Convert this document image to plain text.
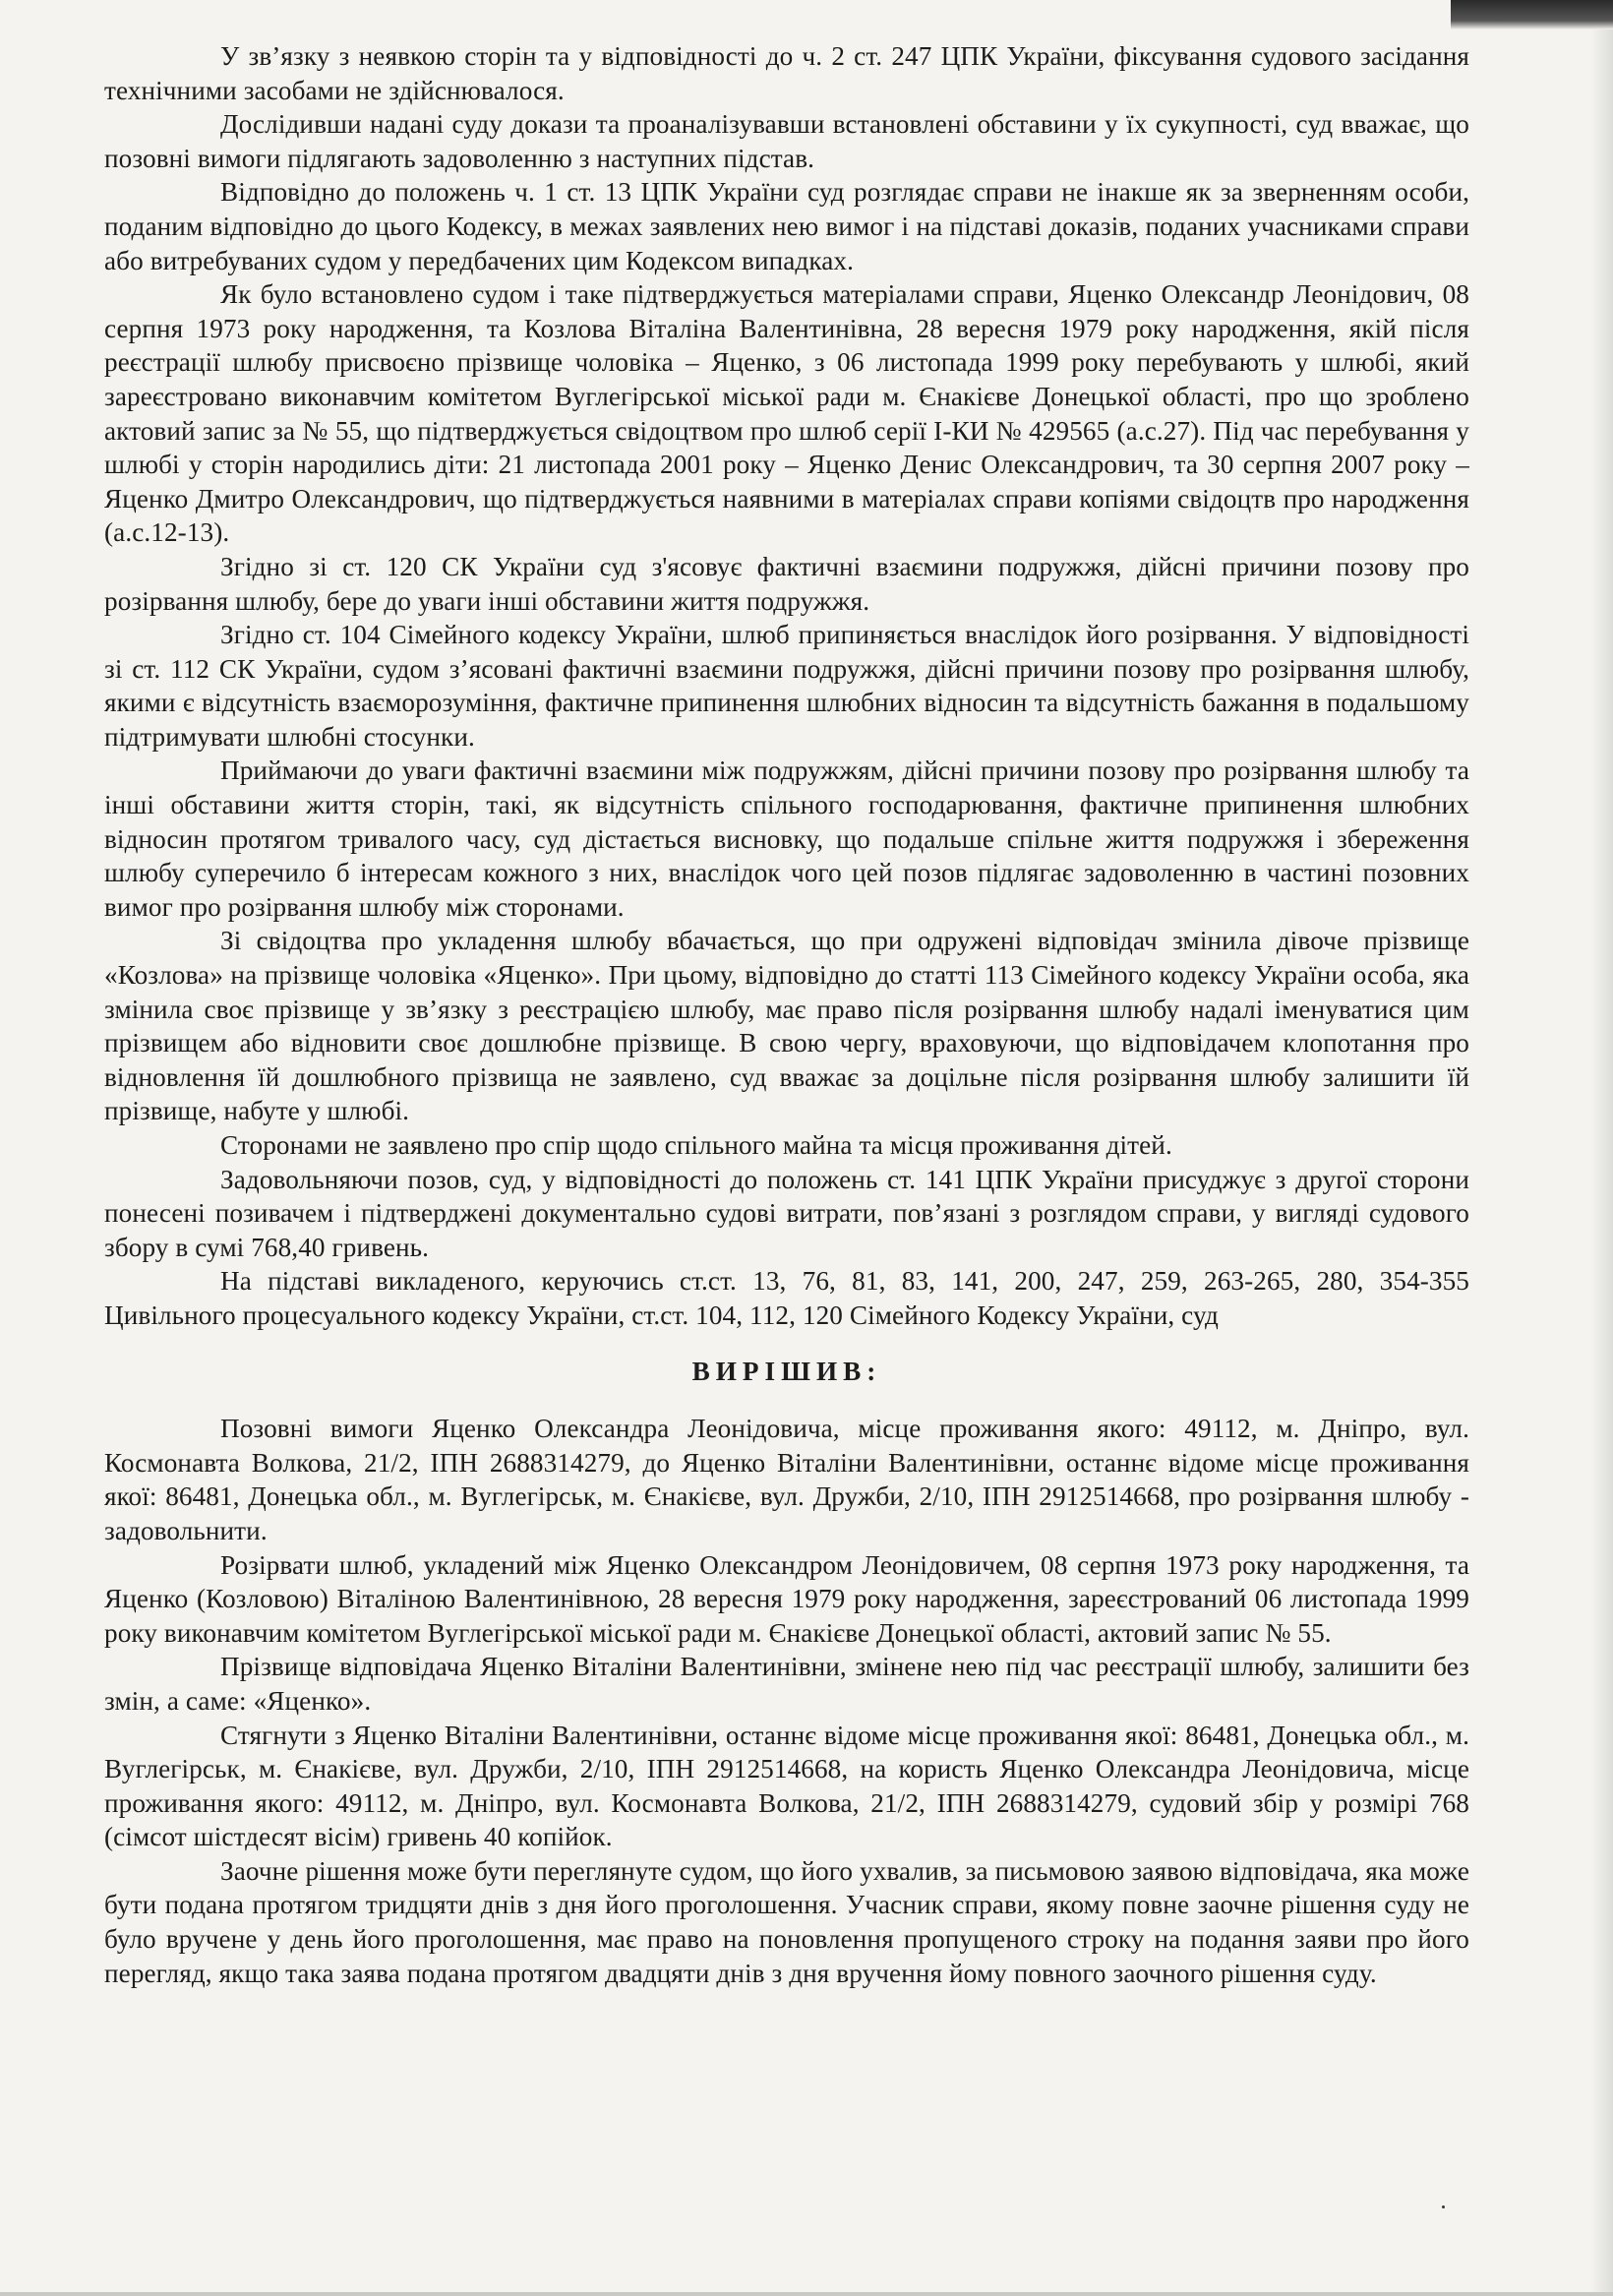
У зв’язку з неявкою сторін та у відповідності до ч. 2 ст. 247 ЦПК України, фіксування судового засідання технічними засобами не здійснювалося.

Дослідивши надані суду докази та проаналізувавши встановлені обставини у їх сукупності, суд вважає, що позовні вимоги підлягають задоволенню з наступних підстав.

Відповідно до положень ч. 1 ст. 13 ЦПК України суд розглядає справи не інакше як за зверненням особи, поданим відповідно до цього Кодексу, в межах заявлених нею вимог і на підставі доказів, поданих учасниками справи або витребуваних судом у передбачених цим Кодексом випадках.

Як було встановлено судом і таке підтверджується матеріалами справи, Яценко Олександр Леонідович, 08 серпня 1973 року народження, та Козлова Віталіна Валентинівна, 28 вересня 1979 року народження, якій після реєстрації шлюбу присвоєно прізвище чоловіка – Яценко, з 06 листопада 1999 року перебувають у шлюбі, який зареєстровано виконавчим комітетом Вуглегірської міської ради м. Єнакієве Донецької області, про що зроблено актовий запис за № 55, що підтверджується свідоцтвом про шлюб серії І-КИ № 429565 (а.с.27). Під час перебування у шлюбі у сторін народились діти: 21 листопада 2001 року – Яценко Денис Олександрович, та 30 серпня 2007 року – Яценко Дмитро Олександрович, що підтверджується наявними в матеріалах справи копіями свідоцтв про народження (а.с.12-13).

Згідно зі ст. 120 СК України суд з'ясовує фактичні взаємини подружжя, дійсні причини позову про розірвання шлюбу, бере до уваги інші обставини життя подружжя.

Згідно ст. 104 Сімейного кодексу України, шлюб припиняється внаслідок його розірвання. У відповідності зі ст. 112 СК України, судом з’ясовані фактичні взаємини подружжя, дійсні причини позову про розірвання шлюбу, якими є відсутність взаєморозуміння, фактичне припинення шлюбних відносин та відсутність бажання в подальшому підтримувати шлюбні стосунки.

Приймаючи до уваги фактичні взаємини між подружжям, дійсні причини позову про розірвання шлюбу та інші обставини життя сторін, такі, як відсутність спільного господарювання, фактичне припинення шлюбних відносин протягом тривалого часу, суд дістається висновку, що подальше спільне життя подружжя і збереження шлюбу суперечило б інтересам кожного з них, внаслідок чого цей позов підлягає задоволенню в частині позовних вимог про розірвання шлюбу між сторонами.

Зі свідоцтва про укладення шлюбу вбачається, що при одружені відповідач змінила дівоче прізвище «Козлова» на прізвище чоловіка «Яценко». При цьому, відповідно до статті 113 Сімейного кодексу України особа, яка змінила своє прізвище у зв’язку з реєстрацією шлюбу, має право після розірвання шлюбу надалі іменуватися цим прізвищем або відновити своє дошлюбне прізвище. В свою чергу, враховуючи, що відповідачем клопотання про відновлення їй дошлюбного прізвища не заявлено, суд вважає за доцільне після розірвання шлюбу залишити їй прізвище, набуте у шлюбі.

Сторонами не заявлено про спір щодо спільного майна та місця проживання дітей.

Задовольняючи позов, суд, у відповідності до положень ст. 141 ЦПК України присуджує з другої сторони понесені позивачем і підтверджені документально судові витрати, пов’язані з розглядом справи, у вигляді судового збору в сумі 768,40 гривень.

На підставі викладеного, керуючись ст.ст. 13, 76, 81, 83, 141, 200, 247, 259, 263-265, 280, 354-355 Цивільного процесуального кодексу України, ст.ст. 104, 112, 120 Сімейного Кодексу України, суд

ВИРІШИВ:

Позовні вимоги Яценко Олександра Леонідовича, місце проживання якого: 49112, м. Дніпро, вул. Космонавта Волкова, 21/2, ІПН 2688314279, до Яценко Віталіни Валентинівни, останнє відоме місце проживання якої: 86481, Донецька обл., м. Вуглегірськ, м. Єнакієве, вул. Дружби, 2/10, ІПН 2912514668, про розірвання шлюбу - задовольнити.

Розірвати шлюб, укладений між Яценко Олександром Леонідовичем, 08 серпня 1973 року народження, та Яценко (Козловою) Віталіною Валентинівною, 28 вересня 1979 року народження, зареєстрований 06 листопада 1999 року виконавчим комітетом Вуглегірської міської ради м. Єнакієве Донецької області, актовий запис № 55.

Прізвище відповідача Яценко Віталіни Валентинівни, змінене нею під час реєстрації шлюбу, залишити без змін, а саме: «Яценко».

Стягнути з Яценко Віталіни Валентинівни, останнє відоме місце проживання якої: 86481, Донецька обл., м. Вуглегірськ, м. Єнакієве, вул. Дружби, 2/10, ІПН 2912514668, на користь Яценко Олександра Леонідовича, місце проживання якого: 49112, м. Дніпро, вул. Космонавта Волкова, 21/2, ІПН 2688314279, судовий збір у розмірі 768 (сімсот шістдесят вісім) гривень 40 копійок.

Заочне рішення може бути переглянуте судом, що його ухвалив, за письмовою заявою відповідача, яка може бути подана протягом тридцяти днів з дня його проголошення. Учасник справи, якому повне заочне рішення суду не було вручене у день його проголошення, має право на поновлення пропущеного строку на подання заяви про його перегляд, якщо така заява подана протягом двадцяти днів з дня вручення йому повного заочного рішення суду.
